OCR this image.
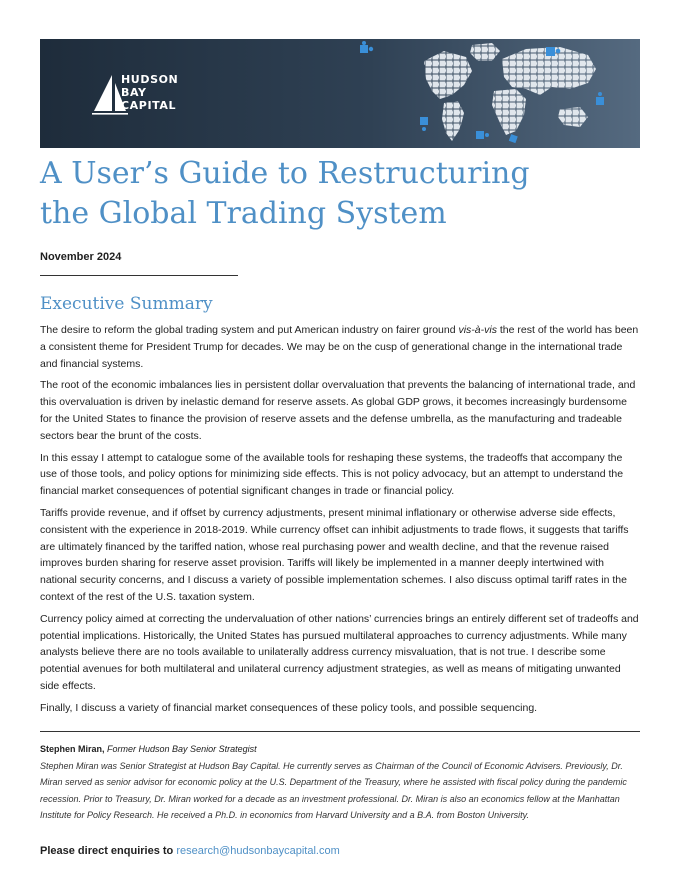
HUDSON
BAY
CAPITAL
A User’s Guide to Restructuring
the Global Trading System
November 2024
Executive Summary

The desire to reform the global trading system and put American industry on fairer ground vis-à-vis the rest of the world has been a consistent theme for President Trump for decades. We may be on the cusp of generational change in the international trade and financial systems.

The root of the economic imbalances lies in persistent dollar overvaluation that prevents the balancing of international trade, and this overvaluation is driven by inelastic demand for reserve assets. As global GDP grows, it becomes increasingly burdensome for the United States to finance the provision of reserve assets and the defense umbrella, as the manufacturing and tradeable sectors bear the brunt of the costs.

In this essay I attempt to catalogue some of the available tools for reshaping these systems, the tradeoffs that accompany the use of those tools, and policy options for minimizing side effects. This is not policy advocacy, but an attempt to understand the financial market consequences of potential significant changes in trade or financial policy.

Tariffs provide revenue, and if offset by currency adjustments, present minimal inflationary or otherwise adverse side effects, consistent with the experience in 2018-2019. While currency offset can inhibit adjustments to trade flows, it suggests that tariffs are ultimately financed by the tariffed nation, whose real purchasing power and wealth decline, and that the revenue raised improves burden sharing for reserve asset provision. Tariffs will likely be implemented in a manner deeply intertwined with national security concerns, and I discuss a variety of possible implementation schemes. I also discuss optimal tariff rates in the context of the rest of the U.S. taxation system.

Currency policy aimed at correcting the undervaluation of other nations’ currencies brings an entirely different set of tradeoffs and potential implications. Historically, the United States has pursued multilateral approaches to currency adjustments. While many analysts believe there are no tools available to unilaterally address currency misvaluation, that is not true. I describe some potential avenues for both multilateral and unilateral currency adjustment strategies, as well as means of mitigating unwanted side effects.

Finally, I discuss a variety of financial market consequences of these policy tools, and possible sequencing.

Stephen Miran, Former Hudson Bay Senior Strategist
Stephen Miran was Senior Strategist at Hudson Bay Capital. He currently serves as Chairman of the Council of Economic Advisers. Previously, Dr. Miran served as senior advisor for economic policy at the U.S. Department of the Treasury, where he assisted with fiscal policy during the pandemic recession. Prior to Treasury, Dr. Miran worked for a decade as an investment professional. Dr. Miran is also an economics fellow at the Manhattan Institute for Policy Research. He received a Ph.D. in economics from Harvard University and a B.A. from Boston University.
Please direct enquiries to research@hudsonbaycapital.com
